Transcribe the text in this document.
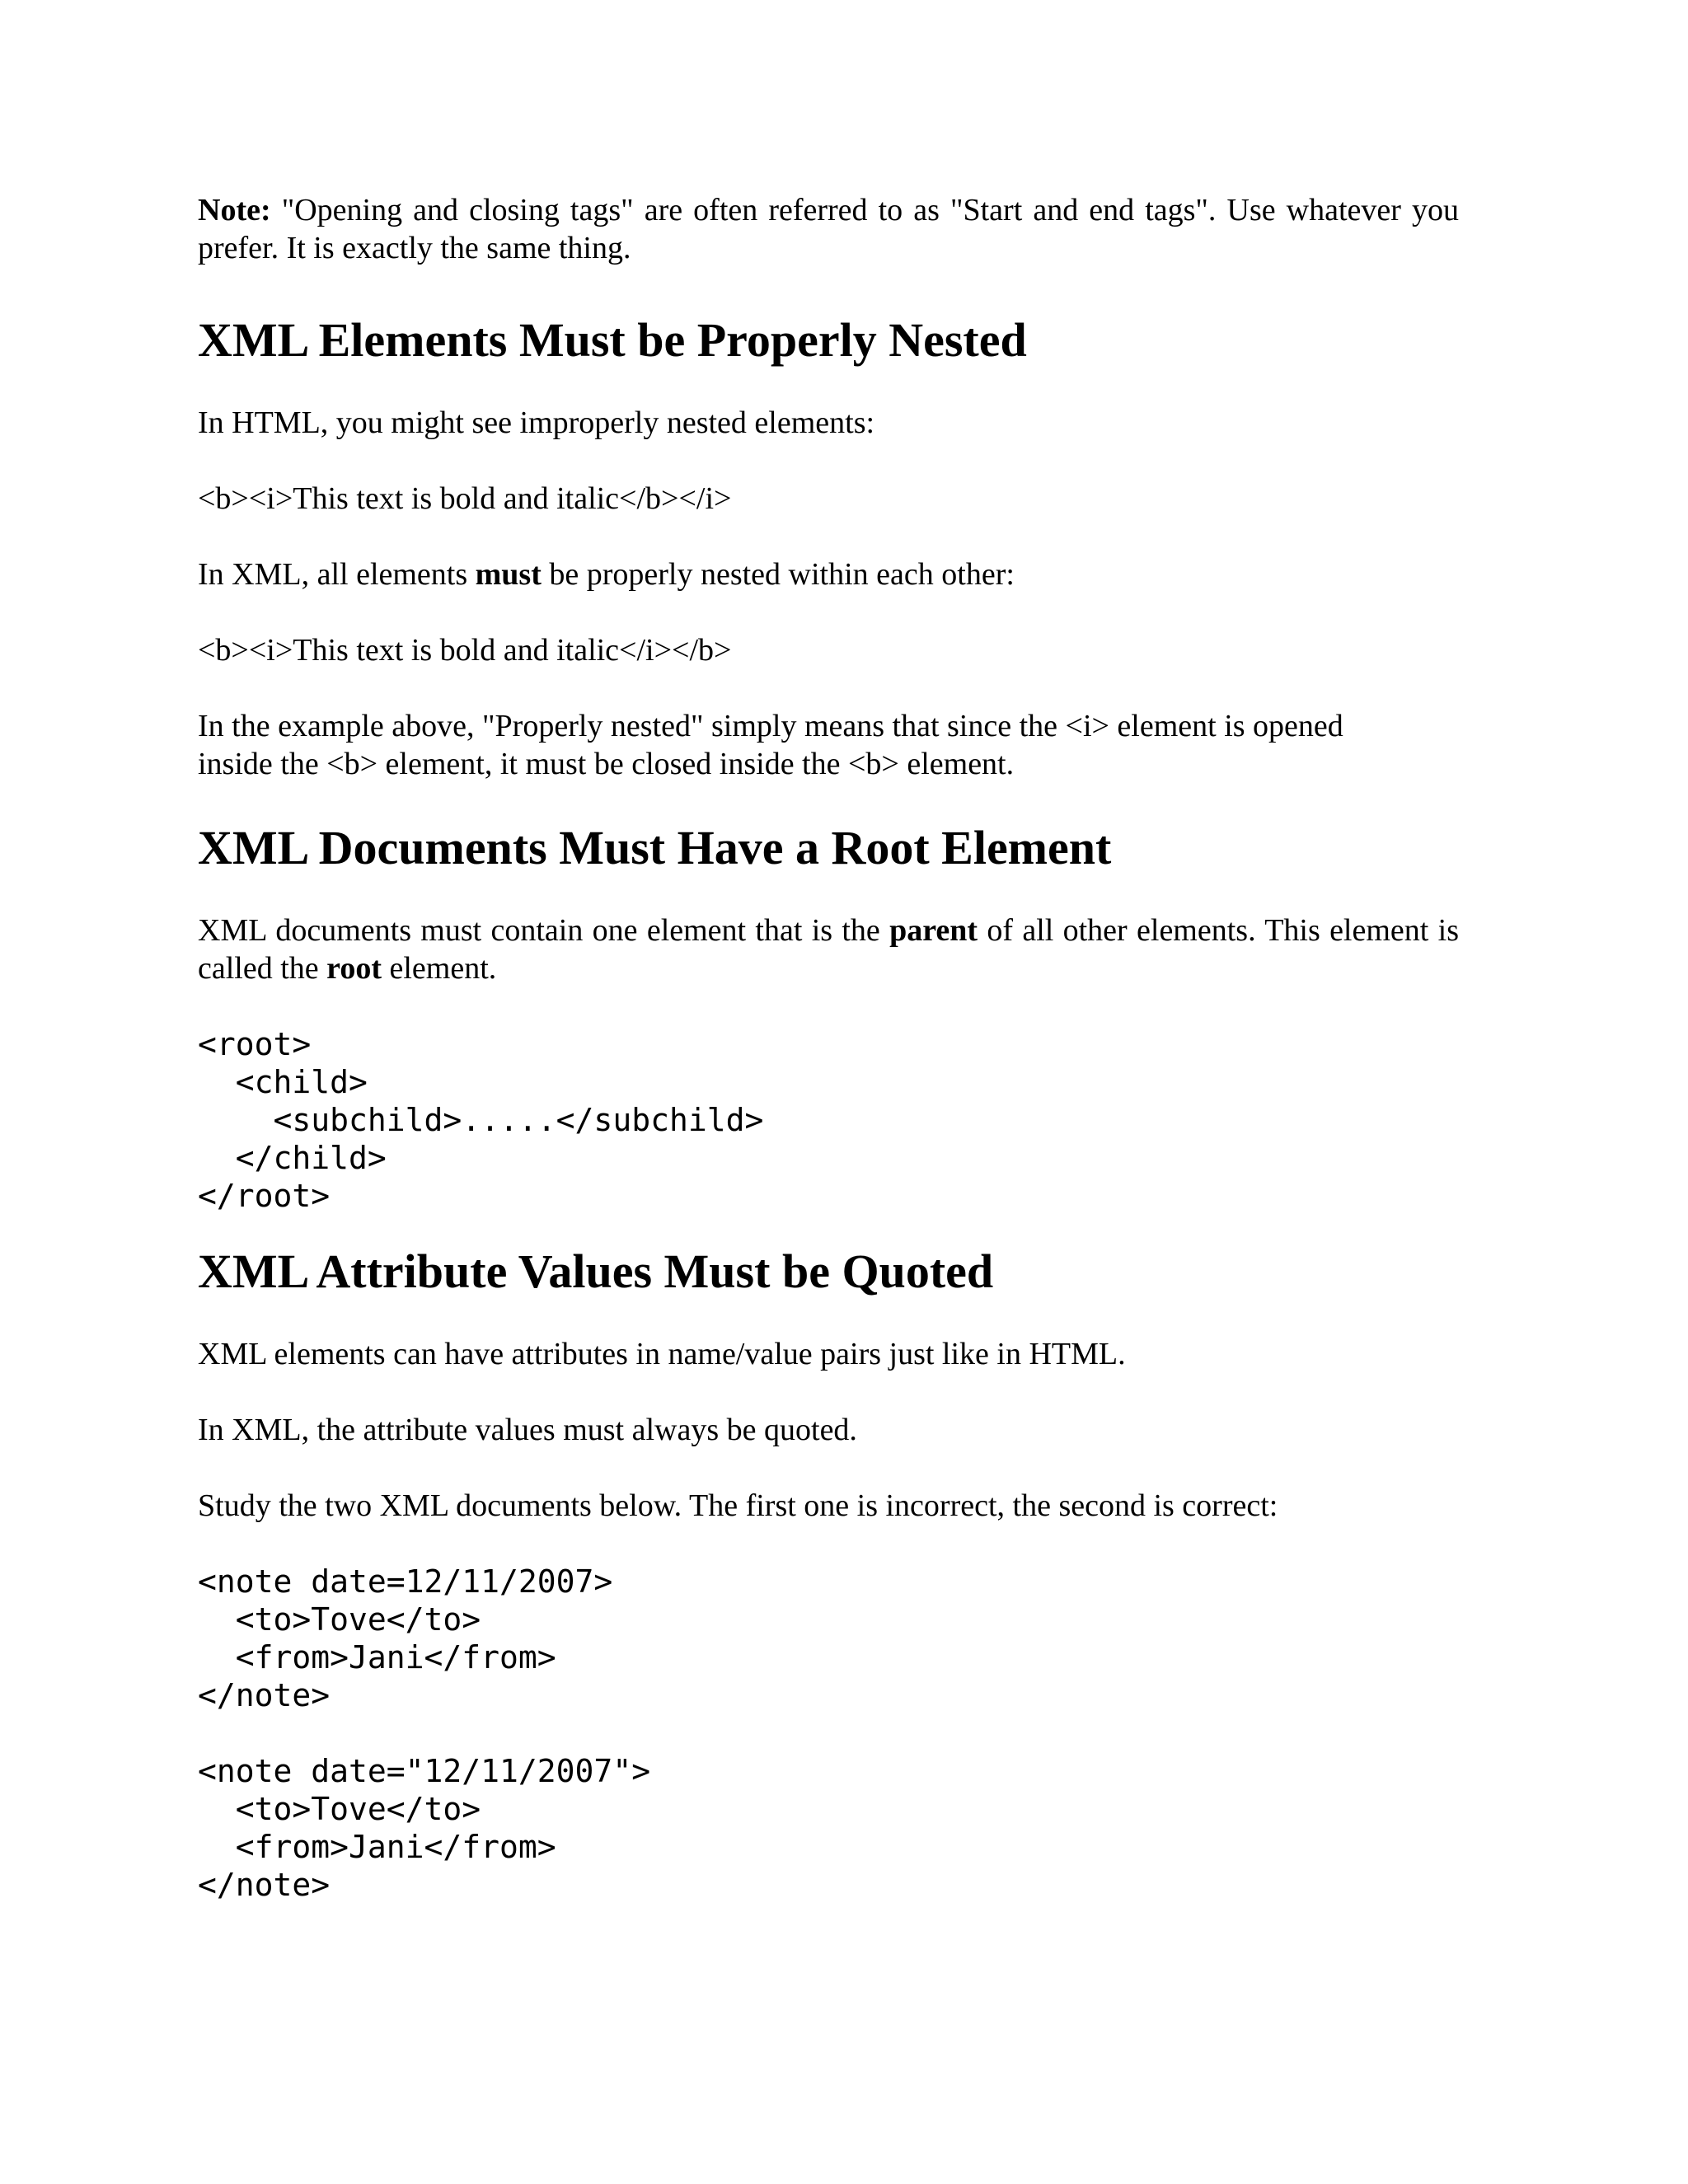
Note: "Opening and closing tags" are often referred to as "Start and end tags". Use whatever you prefer. It is exactly the same thing.

XML Elements Must be Properly Nested

In HTML, you might see improperly nested elements:

<b><i>This text is bold and italic</b></i>

In XML, all elements must be properly nested within each other:

<b><i>This text is bold and italic</i></b>

In the example above, "Properly nested" simply means that since the <i> element is opened inside the <b> element, it must be closed inside the <b> element.

XML Documents Must Have a Root Element

XML documents must contain one element that is the parent of all other elements. This element is called the root element.

<root>
<child>
<subchild>.....</subchild>
</child>
</root>
XML Attribute Values Must be Quoted

XML elements can have attributes in name/value pairs just like in HTML.

In XML, the attribute values must always be quoted.

Study the two XML documents below. The first one is incorrect, the second is correct:

<note date=12/11/2007>
<to>Tove</to>
<from>Jani</from>
</note>
<note date="12/11/2007">
<to>Tove</to>
<from>Jani</from>
</note>
